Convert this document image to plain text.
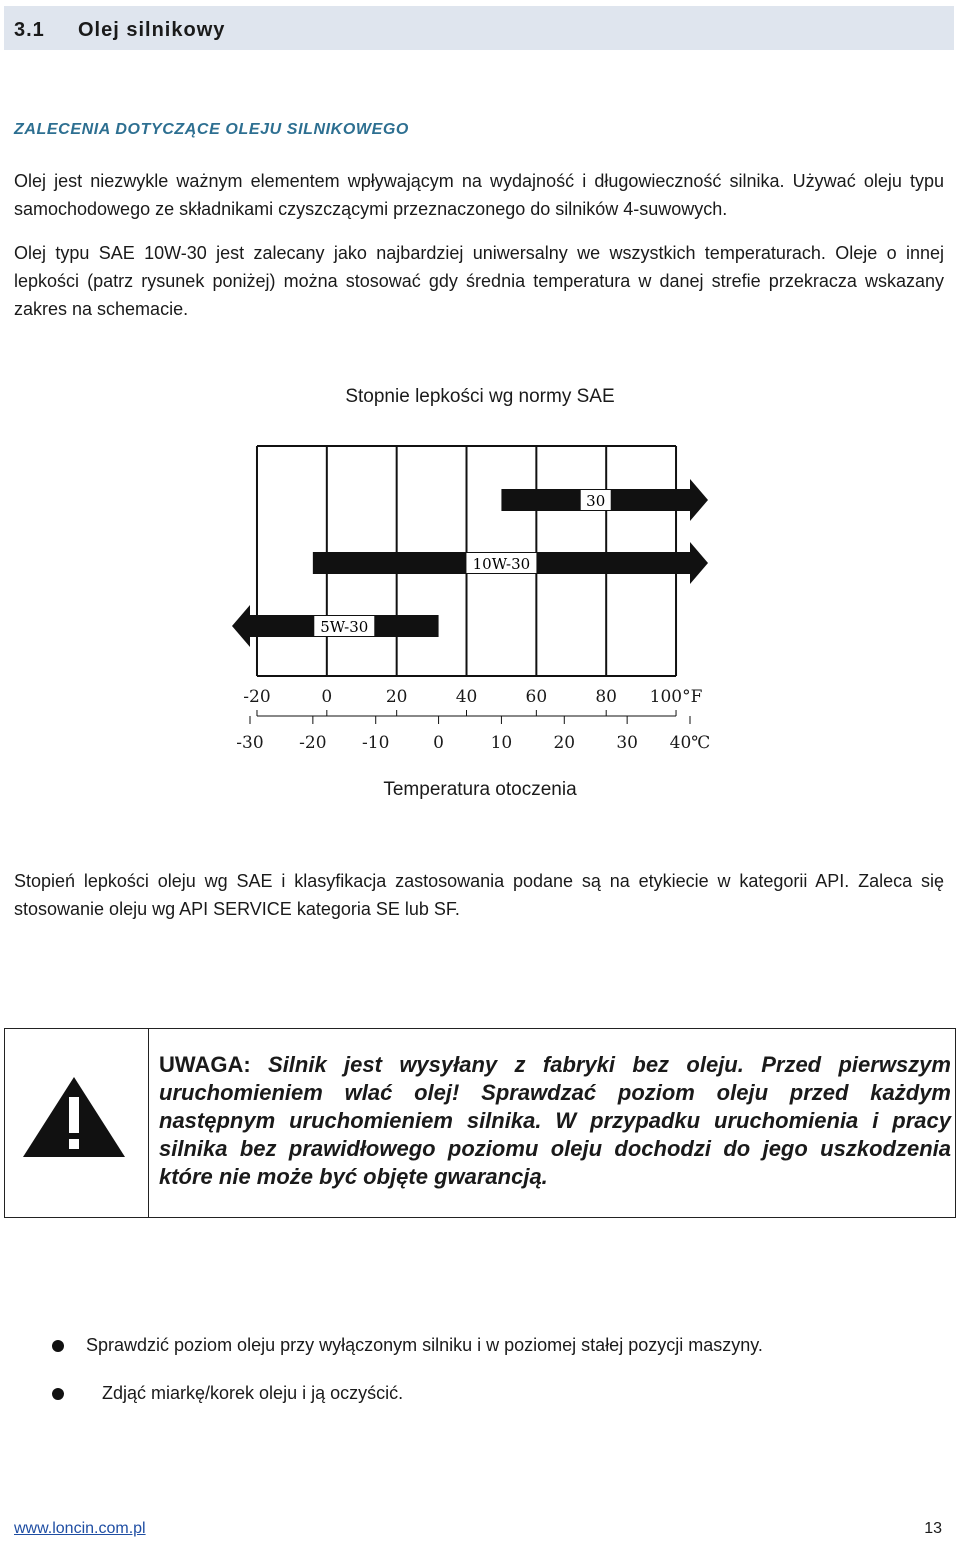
3.1 Olej silnikowy
ZALECENIA DOTYCZĄCE OLEJU SILNIKOWEGO
Olej jest niezwykle ważnym elementem wpływającym na wydajność i długowieczność silnika. Używać oleju typu samochodowego ze składnikami czyszczącymi przeznaczonego do silników 4-suwowych.
Olej typu SAE 10W-30 jest zalecany jako najbardziej uniwersalny we wszystkich temperaturach. Oleje o innej lepkości (patrz rysunek poniżej) można stosować gdy średnia temperatura w danej strefie przekracza wskazany zakres na schemacie.
Stopnie lepkości wg normy SAE
30
10W-30
5W-30
-20	0	20	40	60	80 100°F
-30 -20 -10	0	10 20 30 40℃
Temperatura otoczenia
Stopień lepkości oleju wg SAE i klasyfikacja zastosowania podane są na etykiecie w kategorii API. Zaleca się stosowanie oleju wg API SERVICE kategoria SE lub SF.
UWAGA: Silnik jest wysyłany z fabryki bez oleju. Przed pierwszym uruchomieniem wlać olej! Sprawdzać poziom oleju przed każdym następnym uruchomieniem silnika. W przypadku uruchomienia i pracy silnika bez prawidłowego poziomu oleju dochodzi do jego uszkodzenia które nie może być objęte gwarancją.
Sprawdzić poziom oleju przy wyłączonym silniku i w poziomej stałej pozycji maszyny.
Zdjąć miarkę/korek oleju i ją oczyścić.
www.loncin.com.pl	13
